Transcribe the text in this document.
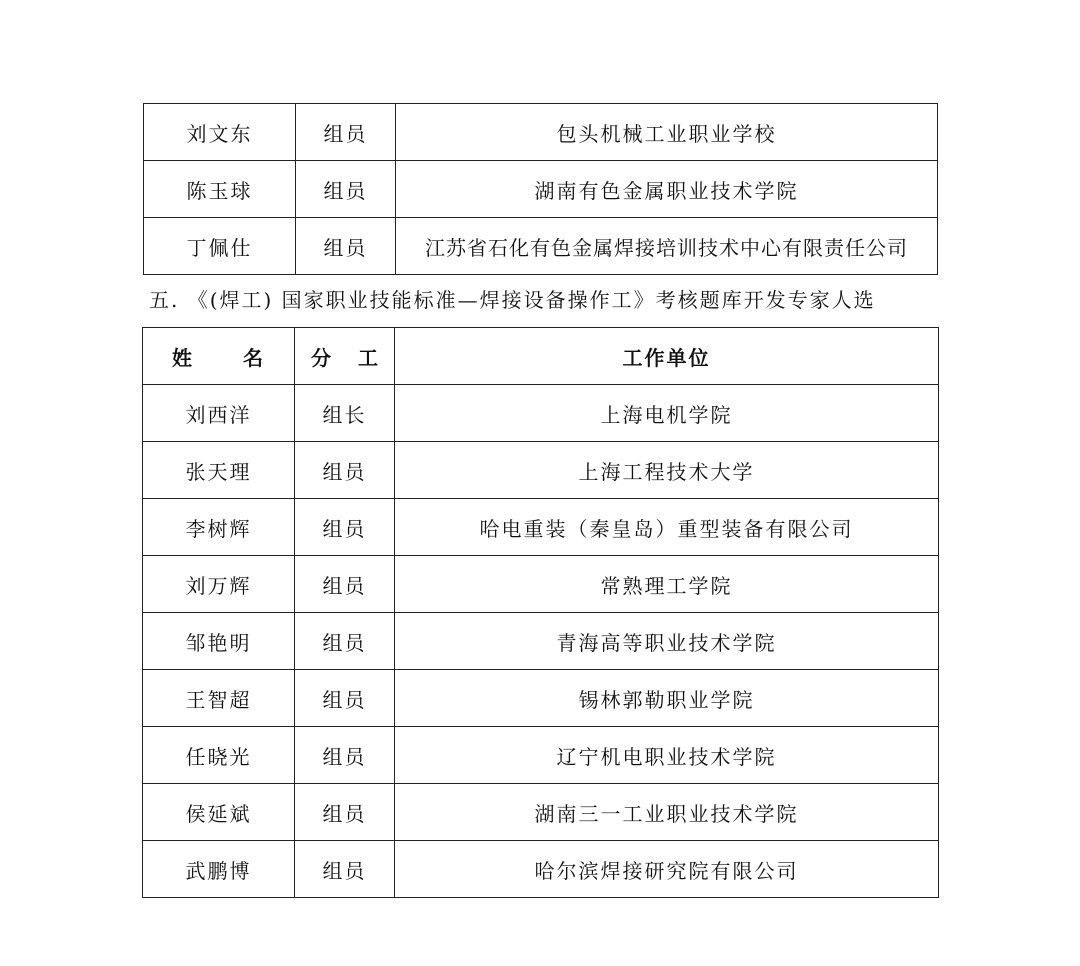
刘文东	组员	包头机械工业职业学校
陈玉球	组员	湖南有色金属职业技术学院
丁佩仕	组员	江苏省石化有色金属焊接培训技术中心有限责任公司
五. 《(焊工) 国家职业技能标准—焊接设备操作工》考核题库开发专家人选
姓 名	分 工	工作单位
刘西洋	组长	上海电机学院
张天理	组员	上海工程技术大学
李树辉	组员	哈电重装（秦皇岛）重型装备有限公司
刘万辉	组员	常熟理工学院
邹艳明	组员	青海高等职业技术学院
王智超	组员	锡林郭勒职业学院
任晓光	组员	辽宁机电职业技术学院
侯延斌	组员	湖南三一工业职业技术学院
武鹏博	组员	哈尔滨焊接研究院有限公司
